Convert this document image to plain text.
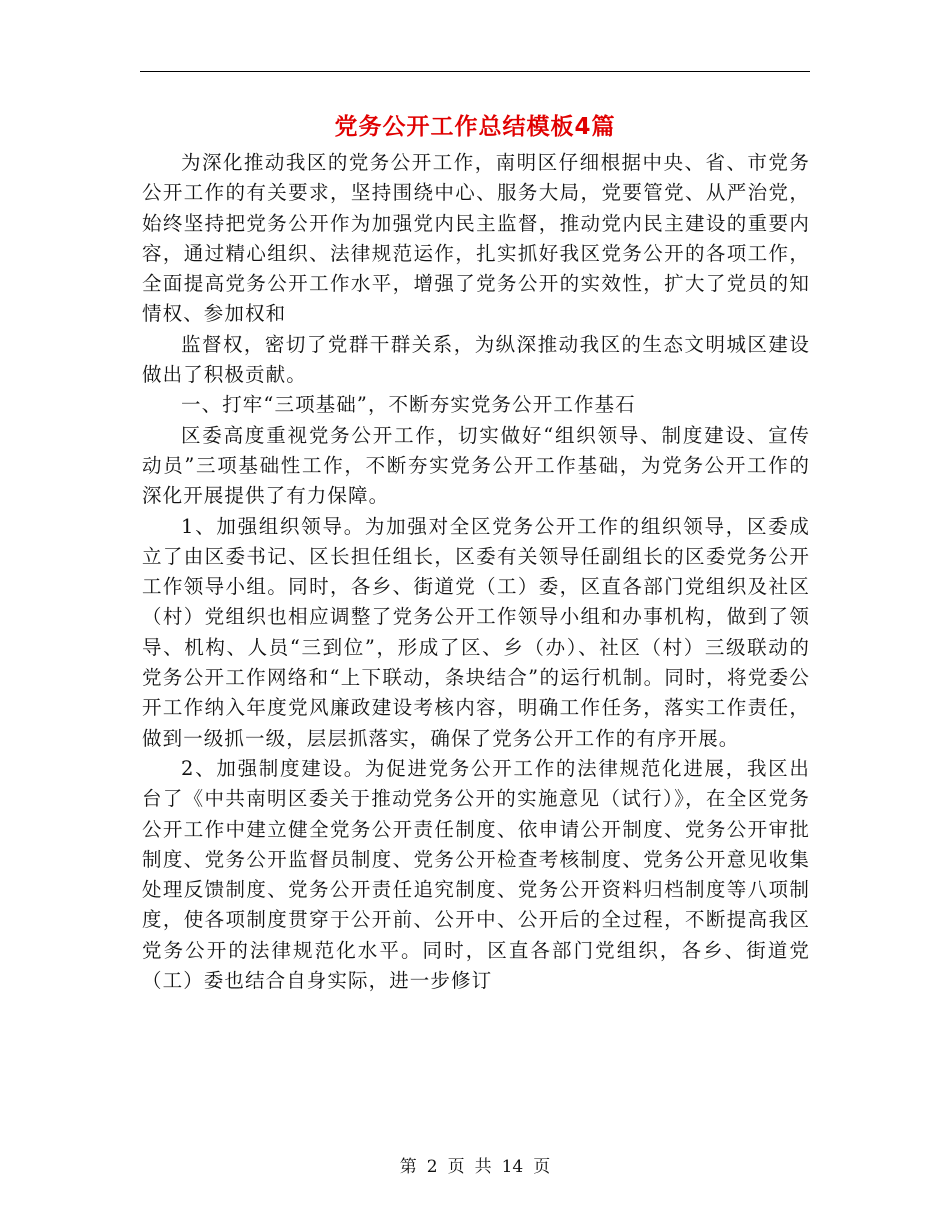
党务公开工作总结模板4篇

为深化推动我区的党务公开工作，南明区仔细根据中央、省、市党务公开工作的有关要求，坚持围绕中心、服务大局，党要管党、从严治党，始终坚持把党务公开作为加强党内民主监督，推动党内民主建设的重要内容，通过精心组织、法律规范运作，扎实抓好我区党务公开的各项工作，全面提高党务公开工作水平，增强了党务公开的实效性，扩大了党员的知情权、参加权和

监督权，密切了党群干群关系，为纵深推动我区的生态文明城区建设做出了积极贡献。

一、打牢“三项基础”，不断夯实党务公开工作基石

区委高度重视党务公开工作，切实做好“组织领导、制度建设、宣传动员”三项基础性工作，不断夯实党务公开工作基础，为党务公开工作的深化开展提供了有力保障。

1、加强组织领导。为加强对全区党务公开工作的组织领导，区委成立了由区委书记、区长担任组长，区委有关领导任副组长的区委党务公开工作领导小组。同时，各乡、街道党（工）委，区直各部门党组织及社区（村）党组织也相应调整了党务公开工作领导小组和办事机构，做到了领导、机构、人员“三到位”，形成了区、乡（办）、社区（村）三级联动的党务公开工作网络和“上下联动，条块结合”的运行机制。同时，将党委公开工作纳入年度党风廉政建设考核内容，明确工作任务，落实工作责任，做到一级抓一级，层层抓落实，确保了党务公开工作的有序开展。

2、加强制度建设。为促进党务公开工作的法律规范化进展，我区出台了《中共南明区委关于推动党务公开的实施意见（试行）》，在全区党务公开工作中建立健全党务公开责任制度、依申请公开制度、党务公开审批制度、党务公开监督员制度、党务公开检查考核制度、党务公开意见收集处理反馈制度、党务公开责任追究制度、党务公开资料归档制度等八项制度，使各项制度贯穿于公开前、公开中、公开后的全过程，不断提高我区党务公开的法律规范化水平。同时，区直各部门党组织，各乡、街道党（工）委也结合自身实际，进一步修订

第 2 页 共 14 页
